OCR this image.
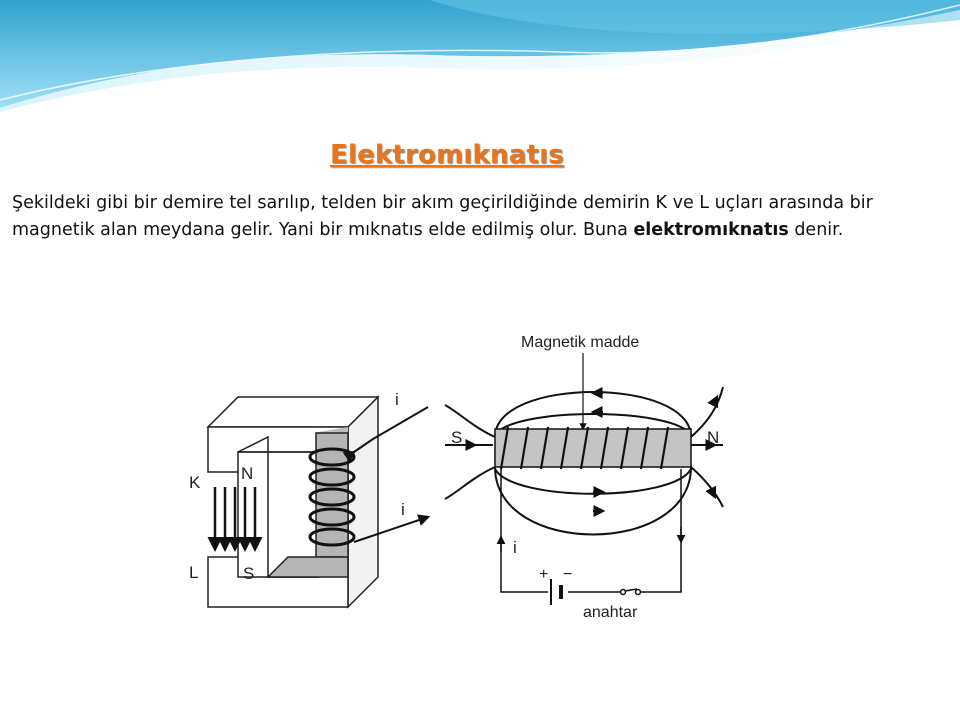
Elektromıknatıs
Şekildeki gibi bir demire tel sarılıp, telden bir akım geçirildiğinde demirin K ve L uçları arasında bir magnetik alan meydana gelir. Yani bir mıknatıs elde edilmiş olur. Buna elektromıknatıs denir.
K
L
N
S
i
i
Magnetik madde
S	N
i
+ −
anahtar
